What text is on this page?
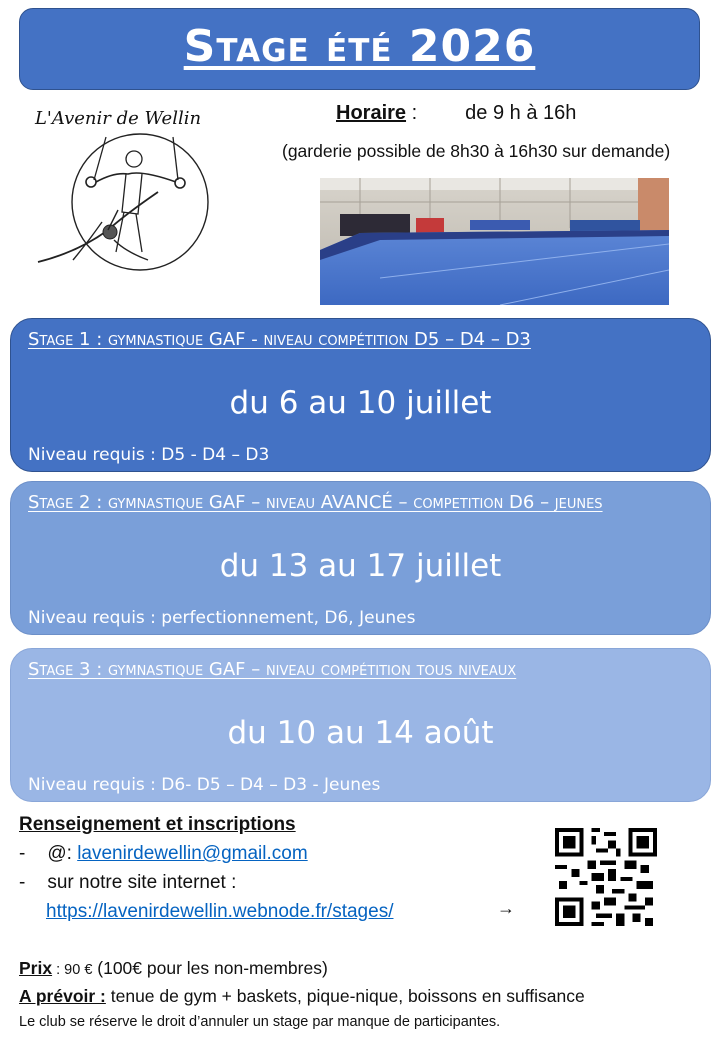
Stage été 2026
L'Avenir de Wellin	Horaire : de 9 h à 16h
(garderie possible de 8h30 à 16h30 sur demande)
Stage 1 : gymnastique GAF - niveau compétition D5 – D4 – D3
du 6 au 10 juillet
Niveau requis : D5 - D4 – D3
Stage 2 : gymnastique GAF – niveau AVANCÉ – competition D6 – jeunes
du 13 au 17 juillet
Niveau requis : perfectionnement, D6, Jeunes
Stage 3 : gymnastique GAF – niveau compétition tous niveaux
du 10 au 14 août
Niveau requis : D6- D5 – D4 – D3 - Jeunes
Renseignement et inscriptions
- @: lavenirdewellin@gmail.com
- sur notre site internet :
https://lavenirdewellin.webnode.fr/stages/	→
Prix : 90 € (100€ pour les non-membres)
A prévoir : tenue de gym + baskets, pique-nique, boissons en suffisance
Le club se réserve le droit d’annuler un stage par manque de participantes.
